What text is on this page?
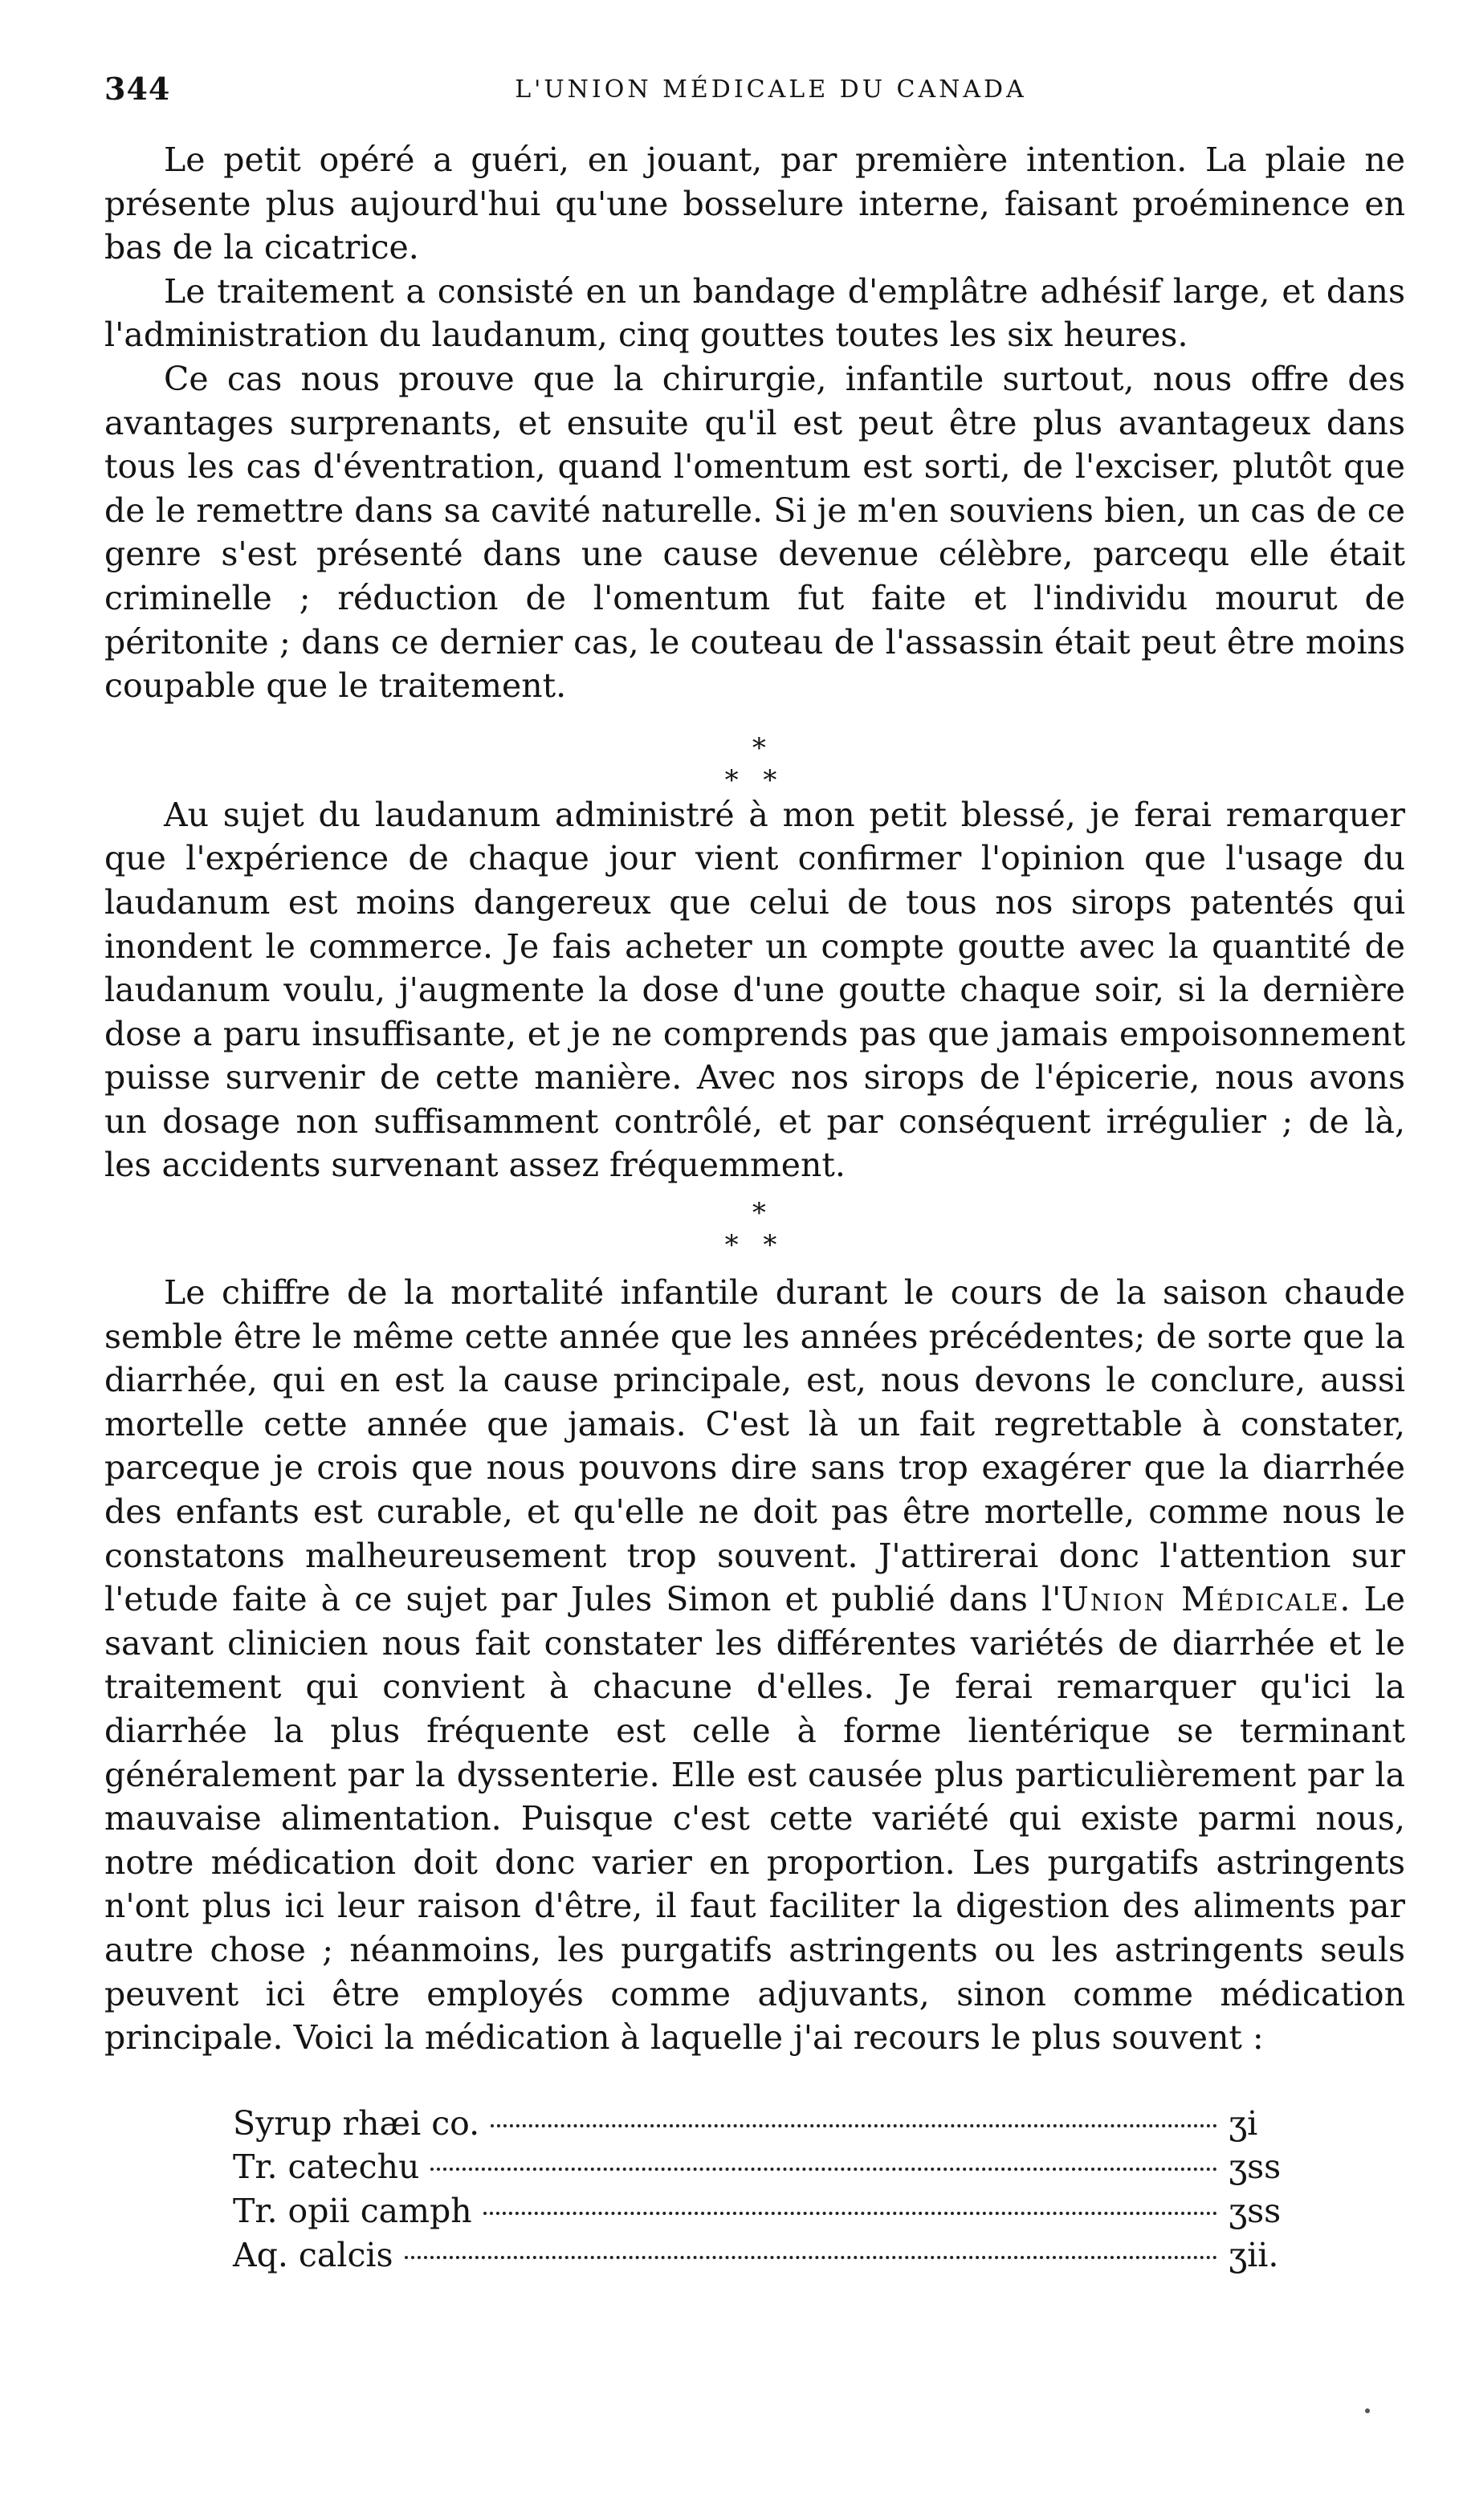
344	L'UNION MÉDICALE DU CANADA

Le petit opéré a guéri, en jouant, par première intention. La plaie ne présente plus aujourd'hui qu'une bosselure interne, faisant proéminence en bas de la cicatrice.

Le traitement a consisté en un bandage d'emplâtre adhésif large, et dans l'administration du laudanum, cinq gouttes toutes les six heures.

Ce cas nous prouve que la chirurgie, infantile surtout, nous offre des avantages surprenants, et ensuite qu'il est peut être plus avantageux dans tous les cas d'éventration, quand l'omentum est sorti, de l'exciser, plutôt que de le remettre dans sa cavité naturelle. Si je m'en souviens bien, un cas de ce genre s'est présenté dans une cause devenue célèbre, parcequ elle était criminelle ; réduction de l'omentum fut faite et l'individu mourut de péritonite ; dans ce dernier cas, le couteau de l'assassin était peut être moins coupable que le traitement.

*
* *

Au sujet du laudanum administré à mon petit blessé, je ferai remarquer que l'expérience de chaque jour vient confirmer l'opinion que l'usage du laudanum est moins dangereux que celui de tous nos sirops patentés qui inondent le commerce. Je fais acheter un compte goutte avec la quantité de laudanum voulu, j'augmente la dose d'une goutte chaque soir, si la dernière dose a paru insuffisante, et je ne comprends pas que jamais empoisonnement puisse survenir de cette manière. Avec nos sirops de l'épicerie, nous avons un dosage non suffisamment contrôlé, et par conséquent irrégulier ; de là, les accidents survenant assez fréquemment.

*
* *

Le chiffre de la mortalité infantile durant le cours de la saison chaude semble être le même cette année que les années précédentes; de sorte que la diarrhée, qui en est la cause principale, est, nous devons le conclure, aussi mortelle cette année que jamais. C'est là un fait regrettable à constater, parceque je crois que nous pouvons dire sans trop exagérer que la diarrhée des enfants est curable, et qu'elle ne doit pas être mortelle, comme nous le constatons malheureusement trop souvent. J'attirerai donc l'attention sur l'etude faite à ce sujet par Jules Simon et publié dans l'Union Médicale. Le savant clinicien nous fait constater les différentes variétés de diarrhée et le traitement qui convient à chacune d'elles. Je ferai remarquer qu'ici la diarrhée la plus fréquente est celle à forme lientérique se terminant généralement par la dyssenterie. Elle est causée plus particulièrement par la mauvaise alimentation. Puisque c'est cette variété qui existe parmi nous, notre médication doit donc varier en proportion. Les purgatifs astringents n'ont plus ici leur raison d'être, il faut faciliter la digestion des aliments par autre chose ; néanmoins, les purgatifs astringents ou les astringents seuls peuvent ici être employés comme adjuvants, sinon comme médication principale. Voici la médication à laquelle j'ai recours le plus souvent :

Syrup rhæi co.	ʒi
Tr. catechu	ʒss
Tr. opii camph	ʒss
Aq. calcis	ʒii.
